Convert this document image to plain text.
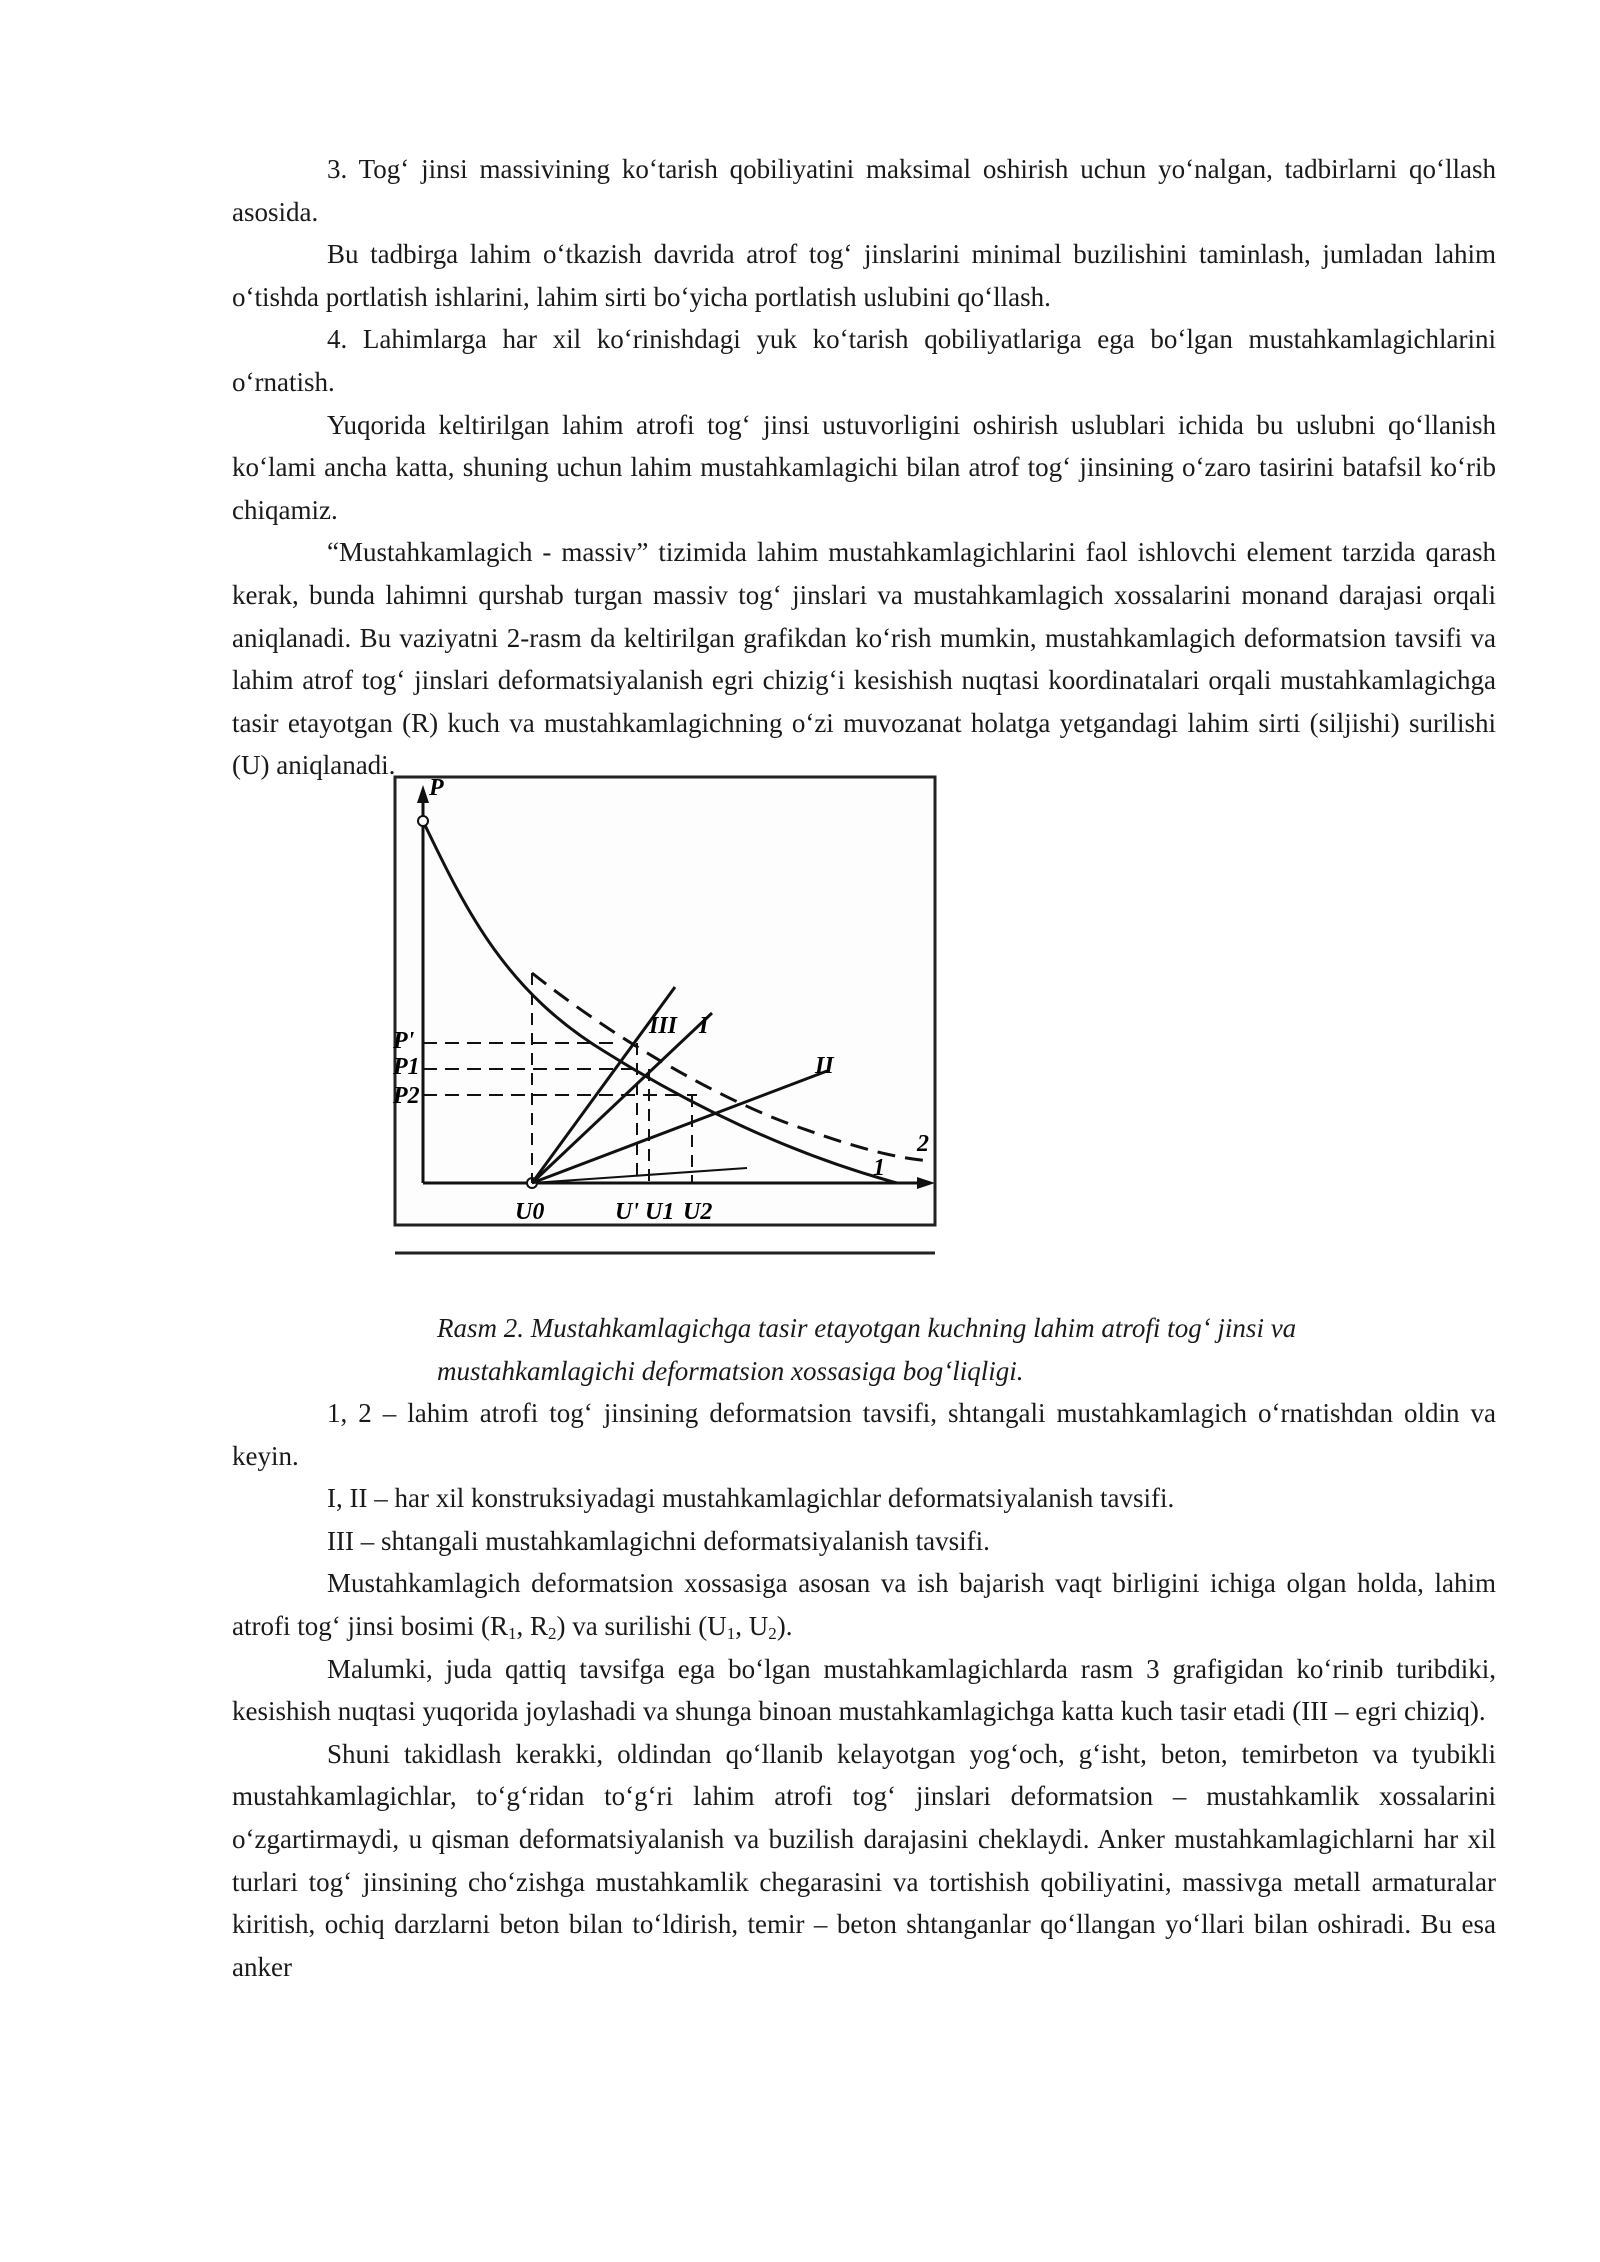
3. Tog‘ jinsi massivining ko‘tarish qobiliyatini maksimal oshirish uchun yo‘nalgan, tadbirlarni qo‘llash asosida.

Bu tadbirga lahim o‘tkazish davrida atrof tog‘ jinslarini minimal buzilishini taminlash, jumladan lahim o‘tishda portlatish ishlarini, lahim sirti bo‘yicha portlatish uslubini qo‘llash.

4. Lahimlarga har xil ko‘rinishdagi yuk ko‘tarish qobiliyatlariga ega bo‘lgan mustahkamlagichlarini o‘rnatish.

Yuqorida keltirilgan lahim atrofi tog‘ jinsi ustuvorligini oshirish uslublari ichida bu uslubni qo‘llanish ko‘lami ancha katta, shuning uchun lahim mustahkamlagichi bilan atrof tog‘ jinsining o‘zaro tasirini batafsil ko‘rib chiqamiz.

“Mustahkamlagich - massiv” tizimida lahim mustahkamlagichlarini faol ishlovchi element tarzida qarash kerak, bunda lahimni qurshab turgan massiv tog‘ jinslari va mustahkamlagich xossalarini monand darajasi orqali aniqlanadi. Bu vaziyatni 2-rasm da keltirilgan grafikdan ko‘rish mumkin, mustahkamlagich deformatsion tavsifi va lahim atrof tog‘ jinslari deformatsiyalanish egri chizig‘i kesishish nuqtasi koordinatalari orqali mustahkamlagichga tasir etayotgan (R) kuch va mustahkamlagichning o‘zi muvozanat holatga yetgandagi lahim sirti (siljishi) surilishi (U) aniqlanadi.

P
P'
P1
P2
U0	U' U1 U2
1
2
III I
II

Rasm 2. Mustahkamlagichga tasir etayotgan kuchning lahim atrofi tog‘ jinsi va

mustahkamlagichi deformatsion xossasiga bog‘liqligi.

1, 2 – lahim atrofi tog‘ jinsining deformatsion tavsifi, shtangali mustahkamlagich o‘rnatishdan oldin va keyin.

I, II – har xil konstruksiyadagi mustahkamlagichlar deformatsiyalanish tavsifi.

III – shtangali mustahkamlagichni deformatsiyalanish tavsifi.

Mustahkamlagich deformatsion xossasiga asosan va ish bajarish vaqt birligini ichiga olgan holda, lahim atrofi tog‘ jinsi bosimi ($R_1$, $R_2$) va surilishi ($U_1$, $U_2$).

Malumki, juda qattiq tavsifga ega bo‘lgan mustahkamlagichlarda rasm 3 grafigidan ko‘rinib turibdiki, kesishish nuqtasi yuqorida joylashadi va shunga binoan mustahkamlagichga katta kuch tasir etadi (III – egri chiziq).

Shuni takidlash kerakki, oldindan qo‘llanib kelayotgan yog‘och, g‘isht, beton, temirbeton va tyubikli mustahkamlagichlar, to‘g‘ridan to‘g‘ri lahim atrofi tog‘ jinslari deformatsion – mustahkamlik xossalarini o‘zgartirmaydi, u qisman deformatsiyalanish va buzilish darajasini cheklaydi. Anker mustahkamlagichlarni har xil turlari tog‘ jinsining cho‘zishga mustahkamlik chegarasini va tortishish qobiliyatini, massivga metall armaturalar kiritish, ochiq darzlarni beton bilan to‘ldirish, temir – beton shtanganlar qo‘llangan yo‘llari bilan oshiradi. Bu esa anker
